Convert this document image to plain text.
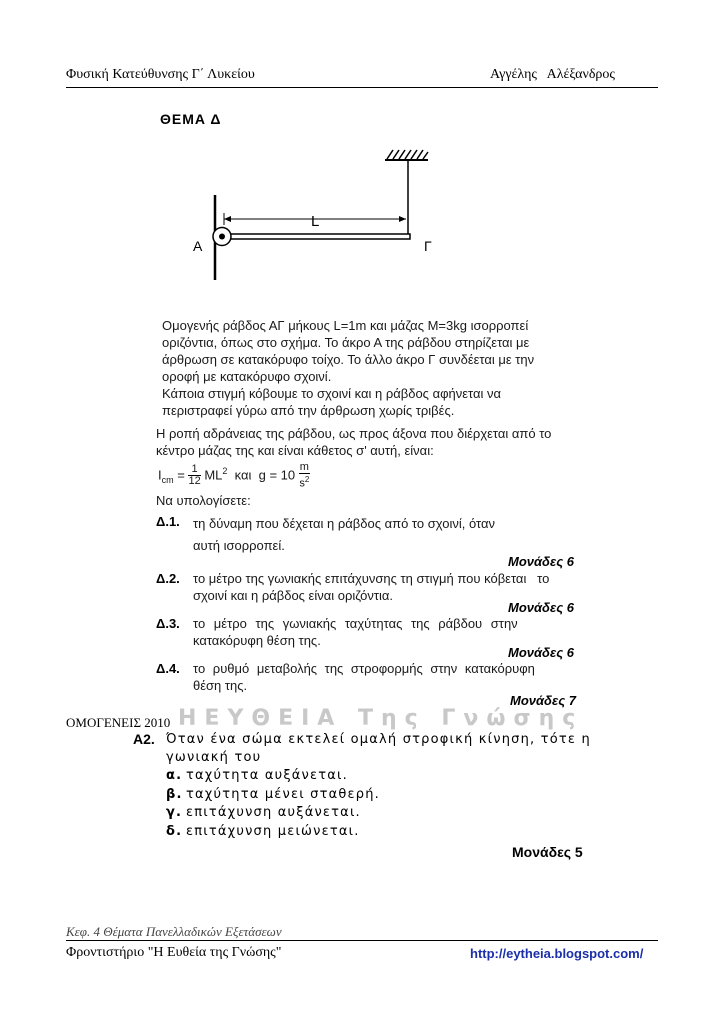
Φυσική Κατεύθυνσης Γ΄ Λυκείου	Αγγέλης   Αλέξανδρος
ΘΕΜΑ Δ
L
Α	Γ
Ομογενής ράβδος ΑΓ μήκους L=1m και μάζας M=3kg ισορροπεί
οριζόντια, όπως στο σχήμα. Το άκρο Α της ράβδου στηρίζεται με
άρθρωση σε κατακόρυφο τοίχο. Το άλλο άκρο Γ συνδέεται με την
οροφή με κατακόρυφο σχοινί.
Κάποια στιγμή κόβουμε το σχοινί και η ράβδος αφήνεται να
περιστραφεί γύρω από την άρθρωση χωρίς τριβές.
Η ροπή αδράνειας της ράβδου, ως προς άξονα που διέρχεται από το
κέντρο μάζας της και είναι κάθετος σ' αυτή, είναι:
$I_{cm} = \frac{1}{12} ML^2$ και $g = 10 \frac{m}{s^2}$
Να υπολογίσετε:
Δ.1. τη δύναμη που δέχεται η ράβδος από το σχοινί, όταν
αυτή ισορροπεί.
Μονάδες 6
Δ.2. το μέτρο της γωνιακής επιτάχυνσης τη στιγμή που κόβεται   το
σχοινί και η ράβδος είναι οριζόντια.
Μονάδες 6
Δ.3. το μέτρο της γωνιακής ταχύτητας της ράβδου στην
κατακόρυφη θέση της.
Μονάδες 6
Δ.4. το ρυθμό μεταβολής της στροφορμής στην κατακόρυφη
θέση της.
Μονάδες 7
ΗΕΥΘΕΙΑ Της Γνώσης
ΟΜΟΓΕΝΕΙΣ 2010
Α2. Όταν ένα σώμα εκτελεί ομαλή στροφική κίνηση, τότε η
γωνιακή του
α. ταχύτητα αυξάνεται.
β. ταχύτητα μένει σταθερή.
γ. επιτάχυνση αυξάνεται.
δ. επιτάχυνση μειώνεται.
Μονάδες 5
Κεφ. 4 Θέματα Πανελλαδικών Εξετάσεων
Φροντιστήριο "Η Ευθεία της Γνώσης"	http://eytheia.blogspot.com/
